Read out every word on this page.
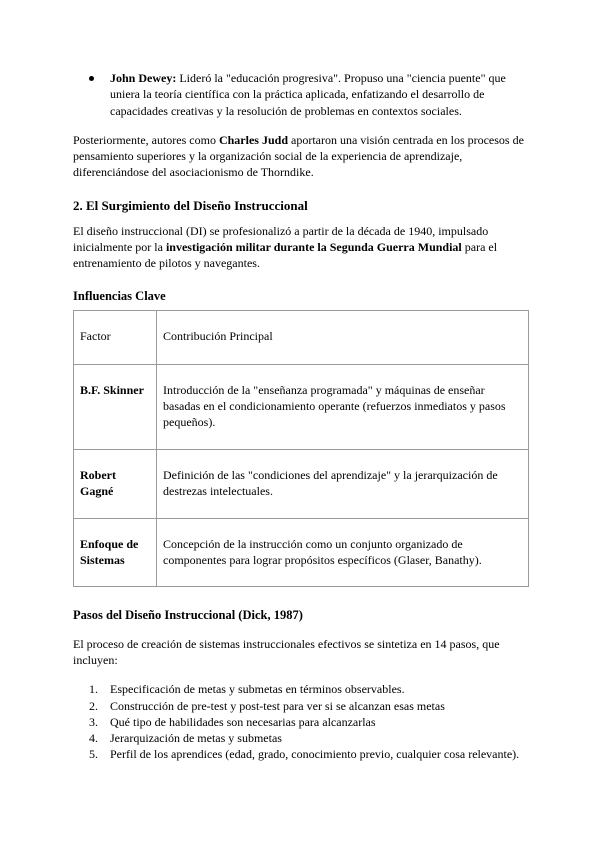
John Dewey: Lideró la "educación progresiva". Propuso una "ciencia puente" que uniera la teoría científica con la práctica aplicada, enfatizando el desarrollo de capacidades creativas y la resolución de problemas en contextos sociales.

Posteriormente, autores como Charles Judd aportaron una visión centrada en los procesos de pensamiento superiores y la organización social de la experiencia de aprendizaje, diferenciándose del asociacionismo de Thorndike.

2. El Surgimiento del Diseño Instruccional

El diseño instruccional (DI) se profesionalizó a partir de la década de 1940, impulsado inicialmente por la investigación militar durante la Segunda Guerra Mundial para el entrenamiento de pilotos y navegantes.

Influencias Clave
Factor	Contribución Principal
B.F. Skinner	Introducción de la "enseñanza programada" y máquinas de enseñar basadas en el condicionamiento operante (refuerzos inmediatos y pasos pequeños).
Robert Gagné	Definición de las "condiciones del aprendizaje" y la jerarquización de destrezas intelectuales.
Enfoque de Sistemas	Concepción de la instrucción como un conjunto organizado de componentes para lograr propósitos específicos (Glaser, Banathy).
Pasos del Diseño Instruccional (Dick, 1987)

El proceso de creación de sistemas instruccionales efectivos se sintetiza en 14 pasos, que incluyen:

1. Especificación de metas y submetas en términos observables.
2. Construcción de pre-test y post-test para ver si se alcanzan esas metas
3. Qué tipo de habilidades son necesarias para alcanzarlas
4. Jerarquización de metas y submetas
5. Perfil de los aprendices (edad, grado, conocimiento previo, cualquier cosa relevante).
